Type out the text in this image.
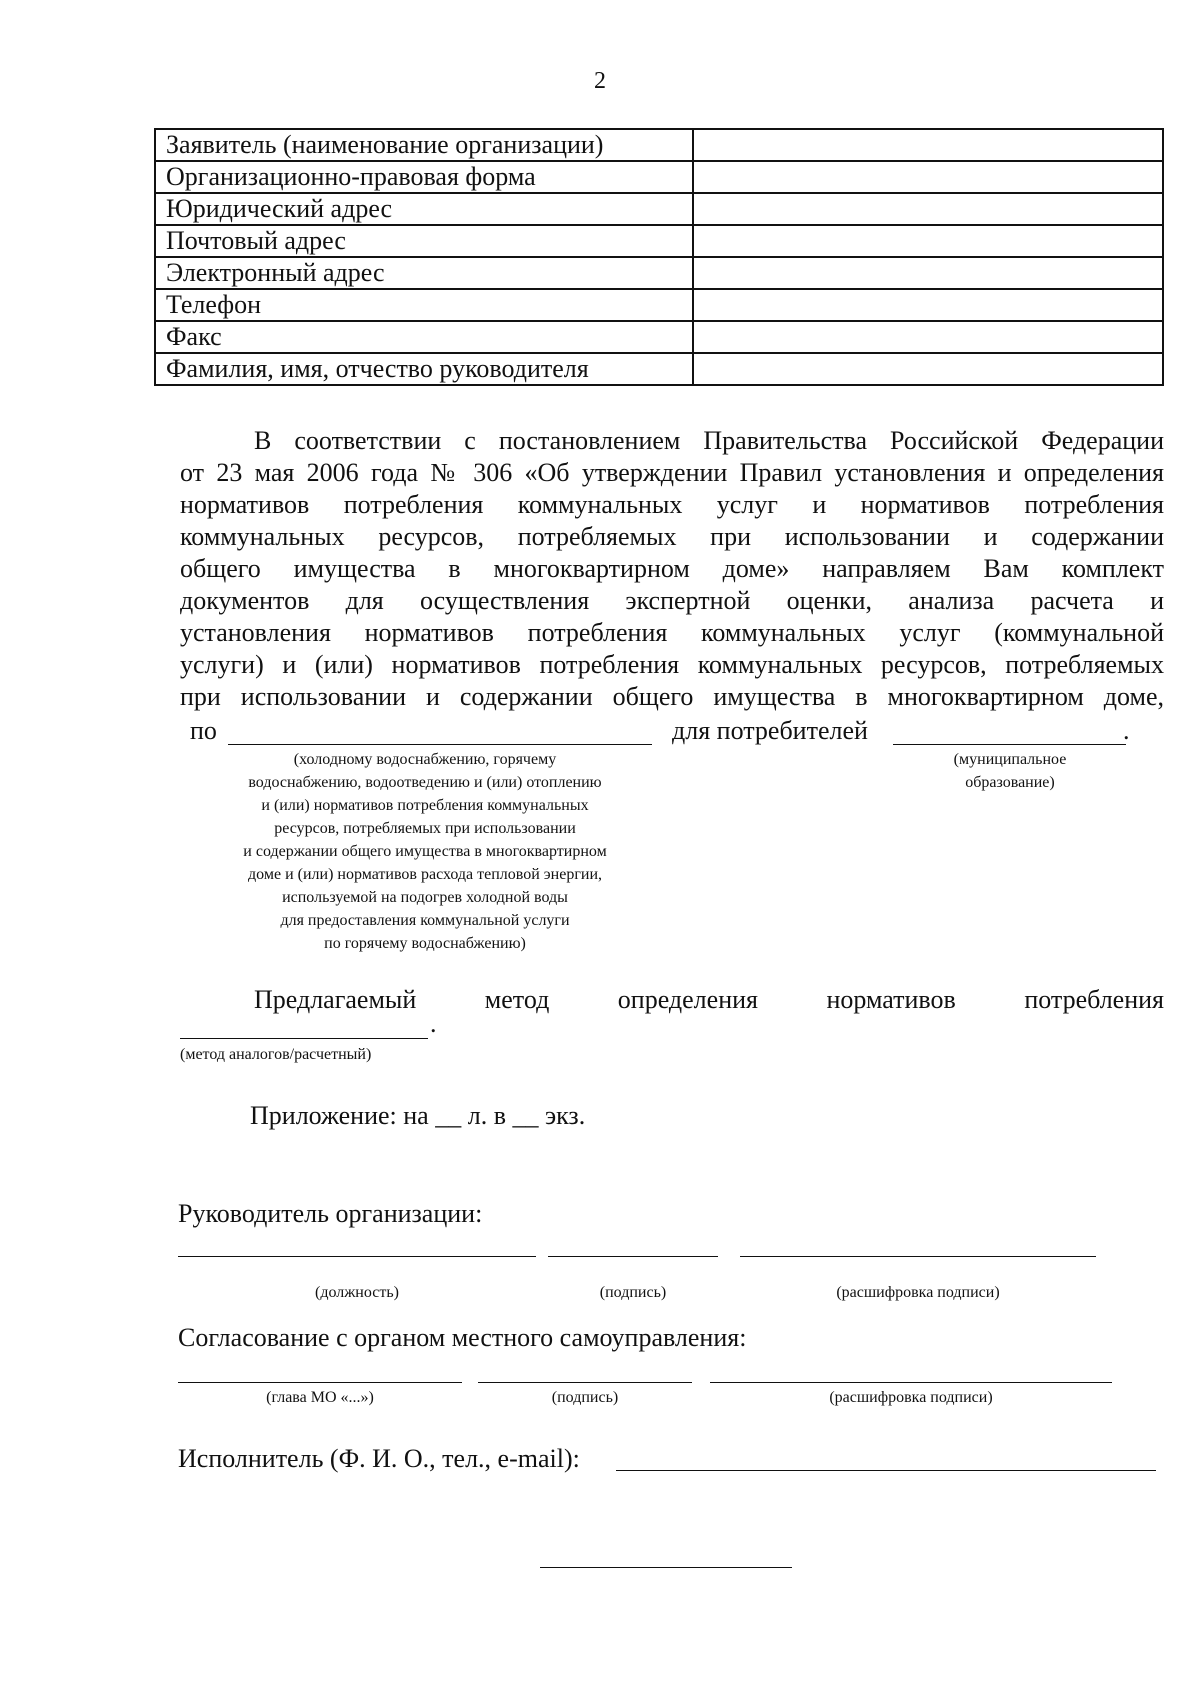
2
Заявитель (наименование организации)	
Организационно-правовая форма	
Юридический адрес	
Почтовый адрес	
Электронный адрес	
Телефон	
Факс	
Фамилия, имя, отчество руководителя	
В соответствии с постановлением Правительства Российской Федерации
от 23 мая 2006 года № 306 «Об утверждении Правил установления и определения
нормативов потребления коммунальных услуг и нормативов потребления
коммунальных ресурсов, потребляемых при использовании и содержании
общего имущества в многоквартирном доме» направляем Вам комплект
документов для осуществления экспертной оценки, анализа расчета и
установления нормативов потребления коммунальных услуг (коммунальной
услуги) и (или) нормативов потребления коммунальных ресурсов, потребляемых
при использовании и содержании общего имущества в многоквартирном доме,
по	для потребителей	.
(холодному водоснабжению, горячему
водоснабжению, водоотведению и (или) отоплению
и (или) нормативов потребления коммунальных
ресурсов, потребляемых при использовании
и содержании общего имущества в многоквартирном
доме и (или) нормативов расхода тепловой энергии,
используемой на подогрев холодной воды
для предоставления коммунальной услуги
по горячему водоснабжению)
(муниципальное
образование)
Предлагаемый метод определения нормативов потребления
.
(метод аналогов/расчетный)
Приложение: на __ л. в __ экз.
Руководитель организации:
(должность)	(подпись)	(расшифровка подписи)
Согласование с органом местного самоуправления:
(глава МО «...»)	(подпись)	(расшифровка подписи)
Исполнитель (Ф. И. О., тел., e-mail):
